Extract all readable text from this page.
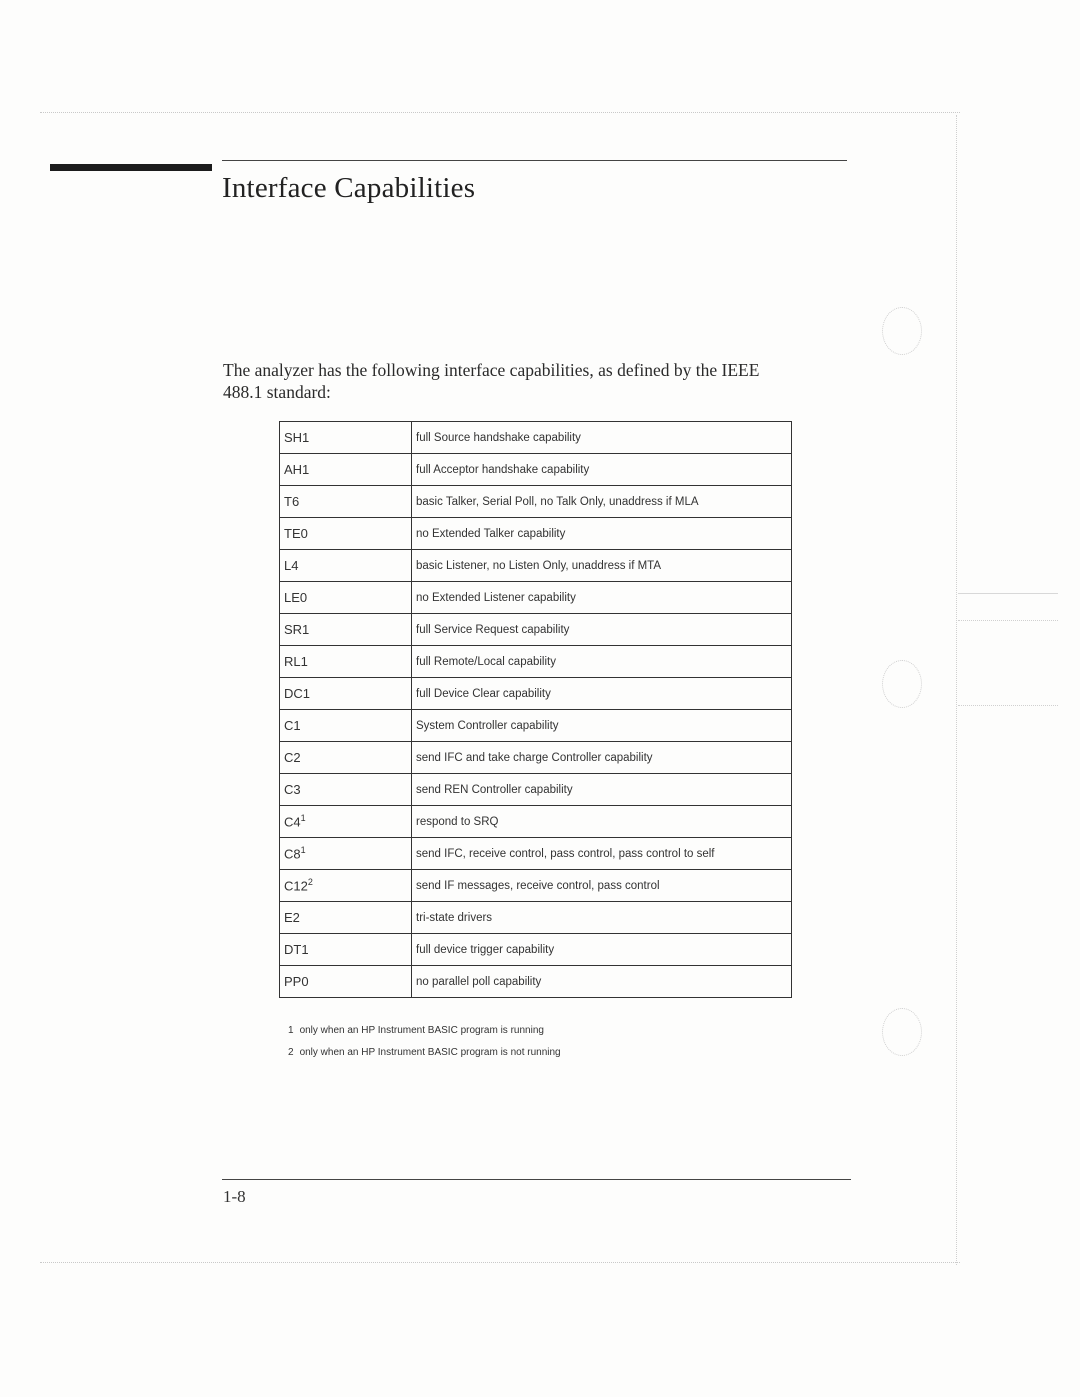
Interface Capabilities
The analyzer has the following interface capabilities, as defined by the IEEE 488.1 standard:
SH1	full Source handshake capability
AH1	full Acceptor handshake capability
T6	basic Talker, Serial Poll, no Talk Only, unaddress if MLA
TE0	no Extended Talker capability
L4	basic Listener, no Listen Only, unaddress if MTA
LE0	no Extended Listener capability
SR1	full Service Request capability
RL1	full Remote/Local capability
DC1	full Device Clear capability
C1	System Controller capability
C2	send IFC and take charge Controller capability
C3	send REN Controller capability
$C4^1$	respond to SRQ
$C8^1$	send IFC, receive control, pass control, pass control to self
$C12^2$	send IF messages, receive control, pass control
E2	tri-state drivers
DT1	full device trigger capability
PP0	no parallel poll capability
1 only when an HP Instrument BASIC program is running
2 only when an HP Instrument BASIC program is not running
1-8
